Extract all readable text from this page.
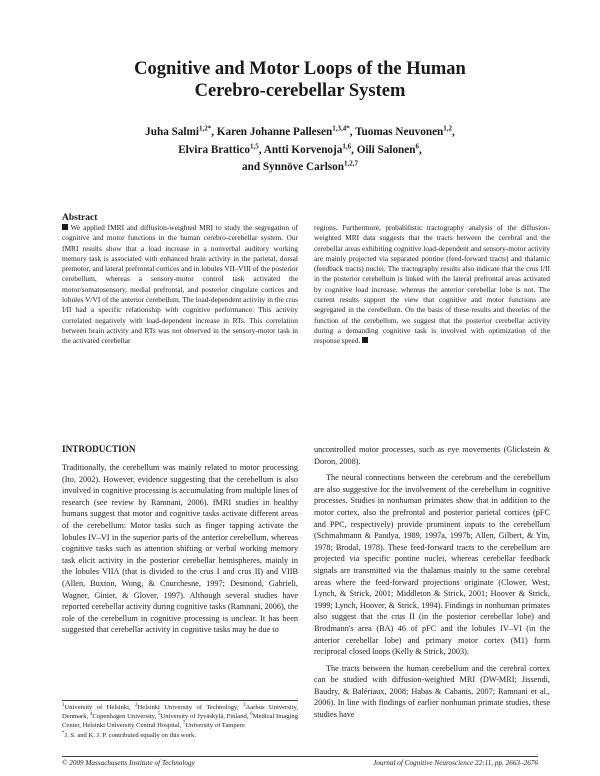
Cognitive and Motor Loops of the Human
Cerebro-cerebellar System
Juha Salmi$^{1,2*}$, Karen Johanne Pallesen$^{1,3,4*}$, Tuomas Neuvonen$^{1,2}$,
Elvira Brattico$^{1,5}$, Antti Korvenoja$^{1,6}$, Oili Salonen$^6$,
and Synnöve Carlson$^{1,2,7}$
Abstract

We applied fMRI and diffusion-weighted MRI to study the segregation of cognitive and motor functions in the human cerebro-cerebellar system. Our fMRI results show that a load increase in a nonverbal auditory working memory task is associated with enhanced brain activity in the parietal, dorsal premotor, and lateral prefrontal cortices and in lobules VII–VIII of the posterior cerebellum, whereas a sensory-motor control task activated the motor/somatosensory, medial prefrontal, and posterior cingulate cortices and lobules V/VI of the anterior cerebellum. The load-dependent activity in the crus I/II had a specific relationship with cognitive performance: This activity correlated negatively with load-dependent increase in RTs. This correlation between brain activity and RTs was not observed in the sensory-motor task in the activated cerebellar

regions. Furthermore, probabilistic tractography analysis of the diffusion-weighted MRI data suggests that the tracts between the cerebral and the cerebellar areas exhibiting cognitive load-dependent and sensory-motor activity are mainly projected via separated pontine (feed-forward tracts) and thalamic (feedback tracts) nuclei. The tractography results also indicate that the crus I/II in the posterior cerebellum is linked with the lateral prefrontal areas activated by cognitive load increase, whereas the anterior cerebellar lobe is not. The current results support the view that cognitive and motor functions are segregated in the cerebellum. On the basis of these results and theories of the function of the cerebellum, we suggest that the posterior cerebellar activity during a demanding cognitive task is involved with optimization of the response speed.

INTRODUCTION

Traditionally, the cerebellum was mainly related to motor processing (Ito, 2002). However, evidence suggesting that the cerebellum is also involved in cognitive processing is accumulating from multiple lines of research (see review by Ramnani, 2006). fMRI studies in healthy humans suggest that motor and cognitive tasks activate different areas of the cerebellum: Motor tasks such as finger tapping activate the lobules IV–VI in the superior parts of the anterior cerebellum, whereas cognitive tasks such as attention shifting or verbal working memory task elicit activity in the posterior cerebellar hemispheres, mainly in the lobules VIIA (that is divided to the crus I and crus II) and VIIB (Allen, Buxton, Wong, & Courchesne, 1997; Desmond, Gabrieli, Wagner, Ginier, & Glover, 1997). Although several studies have reported cerebellar activity during cognitive tasks (Ramnani, 2006), the role of the cerebellum in cognitive processing is unclear. It has been suggested that cerebellar activity in cognitive tasks may be due to

uncontrolled motor processes, such as eye movements (Glickstein & Doron, 2008).

The neural connections between the cerebrum and the cerebellum are also suggestive for the involvement of the cerebellum in cognitive processes. Studies in nonhuman primates show that in addition to the motor cortex, also the prefrontal and posterior parietal cortices (pFC and PPC, respectively) provide prominent inputs to the cerebellum (Schmahmann & Pandya, 1989, 1997a, 1997b; Allen, Gilbert, & Yin, 1978; Brodal, 1978). These feed-forward tracts to the cerebellum are projected via specific pontine nuclei, whereas cerebellar feedback signals are transmitted via the thalamus mainly to the same cerebral areas where the feed-forward projections originate (Clower, West, Lynch, & Strick, 2001; Middleton & Strick, 2001; Hoover & Strick, 1999; Lynch, Hoover, & Strick, 1994). Findings in nonhuman primates also suggest that the crus II (in the posterior cerebellar lobe) and Brodmann's area (BA) 46 of pFC and the lobules IV–VI (in the anterior cerebellar lobe) and primary motor cortex (M1) form reciprocal closed loops (Kelly & Strick, 2003).

The tracts between the human cerebellum and the cerebral cortex can be studied with diffusion-weighted MRI (DW-MRI; Jissendi, Baudry, & Balériaux, 2008; Habas & Cabanis, 2007; Ramnani et al., 2006). In line with findings of earlier nonhuman primate studies, these studies have

$^1$University of Helsinki, $^2$Helsinki University of Technology, $^3$Aarhus University, Denmark, $^4$Copenhagen University, $^5$University of Jyväskylä, Finland, $^6$Medical Imaging Center, Helsinki University Central Hospital, $^7$University of Tampere
*J. S. and K. J. P. contributed equally on this work.

© 2009 Massachusetts Institute of Technology	Journal of Cognitive Neuroscience 22:11, pp. 2663–2676
